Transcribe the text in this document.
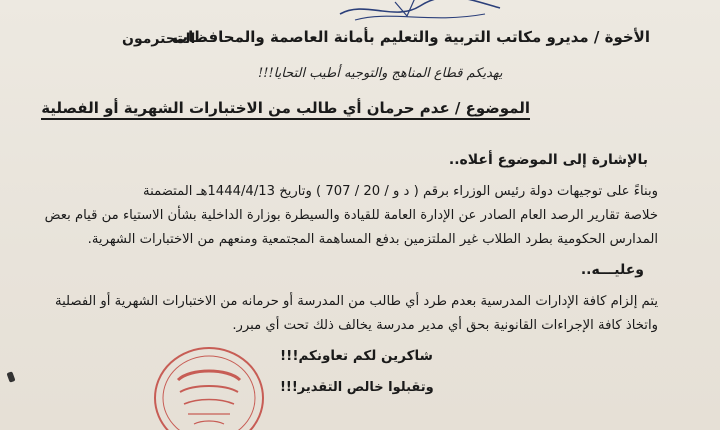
الأخوة / مديرو مكاتب التربية والتعليم بأمانة العاصمة والمحافظات
المحترمون
يهديكم قطاع المناهج والتوجيه أطيب التحايا!!!
الموضوع / عدم حرمان أي طالب من الاختبارات الشهرية أو الفصلية
بالإشارة إلى الموضوع أعلاه..
وبناءً على توجيهات دولة رئيس الوزراء برقم ( د و / 20 / 707 ) وتاريخ 1444/4/13هـ المتضمنة
خلاصة تقارير الرصد العام الصادر عن الإدارة العامة للقيادة والسيطرة بوزارة الداخلية بشأن الاستياء من قيام بعض
المدارس الحكومية بطرد الطلاب غير الملتزمين بدفع المساهمة المجتمعية ومنعهم من الاختبارات الشهرية.
وعليـــه..
يتم إلزام كافة الإدارات المدرسية بعدم طرد أي طالب من المدرسة أو حرمانه من الاختبارات الشهرية أو الفصلية
واتخاذ كافة الإجراءات القانونية بحق أي مدير مدرسة يخالف ذلك تحت أي مبرر.
شاكرين لكم تعاونكم!!!
وتقبلوا خالص التقدير!!!
